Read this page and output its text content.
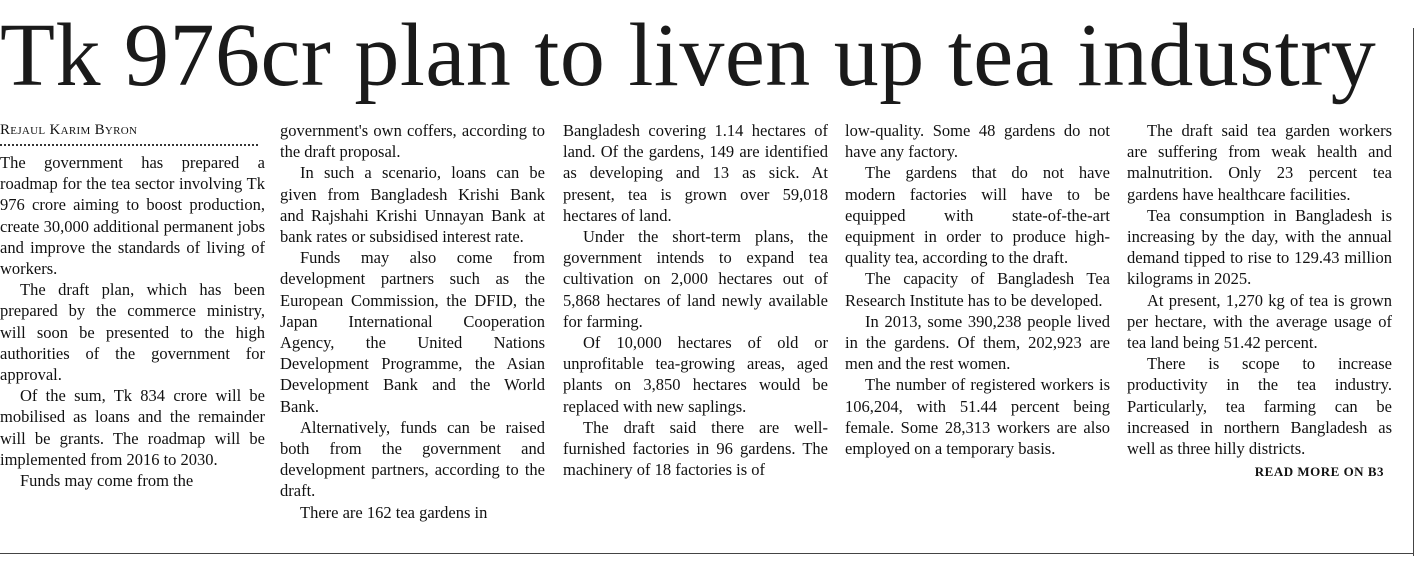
Tk 976cr plan to liven up tea industry
Rejaul Karim Byron

The government has prepared a roadmap for the tea sector involving Tk 976 crore aiming to boost production, create 30,000 additional permanent jobs and improve the standards of living of workers.

The draft plan, which has been prepared by the commerce ministry, will soon be presented to the high authorities of the government for approval.

Of the sum, Tk 834 crore will be mobilised as loans and the remainder will be grants. The roadmap will be implemented from 2016 to 2030.

Funds may come from the

government's own coffers, according to the draft proposal.

In such a scenario, loans can be given from Bangladesh Krishi Bank and Rajshahi Krishi Unnayan Bank at bank rates or subsidised interest rate.

Funds may also come from development partners such as the European Commission, the DFID, the Japan International Cooperation Agency, the United Nations Development Programme, the Asian Development Bank and the World Bank.

Alternatively, funds can be raised both from the government and development partners, according to the draft.

There are 162 tea gardens in

Bangladesh covering 1.14 hectares of land. Of the gardens, 149 are identified as developing and 13 as sick. At present, tea is grown over 59,018 hectares of land.

Under the short-term plans, the government intends to expand tea cultivation on 2,000 hectares out of 5,868 hectares of land newly available for farming.

Of 10,000 hectares of old or unprofitable tea-growing areas, aged plants on 3,850 hectares would be replaced with new saplings.

The draft said there are well-furnished factories in 96 gardens. The machinery of 18 factories is of

low-quality. Some 48 gardens do not have any factory.

The gardens that do not have modern factories will have to be equipped with state-of-the-art equipment in order to produce high-quality tea, according to the draft.

The capacity of Bangladesh Tea Research Institute has to be developed.

In 2013, some 390,238 people lived in the gardens. Of them, 202,923 are men and the rest women.

The number of registered workers is 106,204, with 51.44 percent being female. Some 28,313 workers are also employed on a temporary basis.

The draft said tea garden workers are suffering from weak health and malnutrition. Only 23 percent tea gardens have healthcare facilities.

Tea consumption in Bangladesh is increasing by the day, with the annual demand tipped to rise to 129.43 million kilograms in 2025.

At present, 1,270 kg of tea is grown per hectare, with the average usage of tea land being 51.42 percent.

There is scope to increase productivity in the tea industry. Particularly, tea farming can be increased in northern Bangladesh as well as three hilly districts.

READ MORE ON B3
